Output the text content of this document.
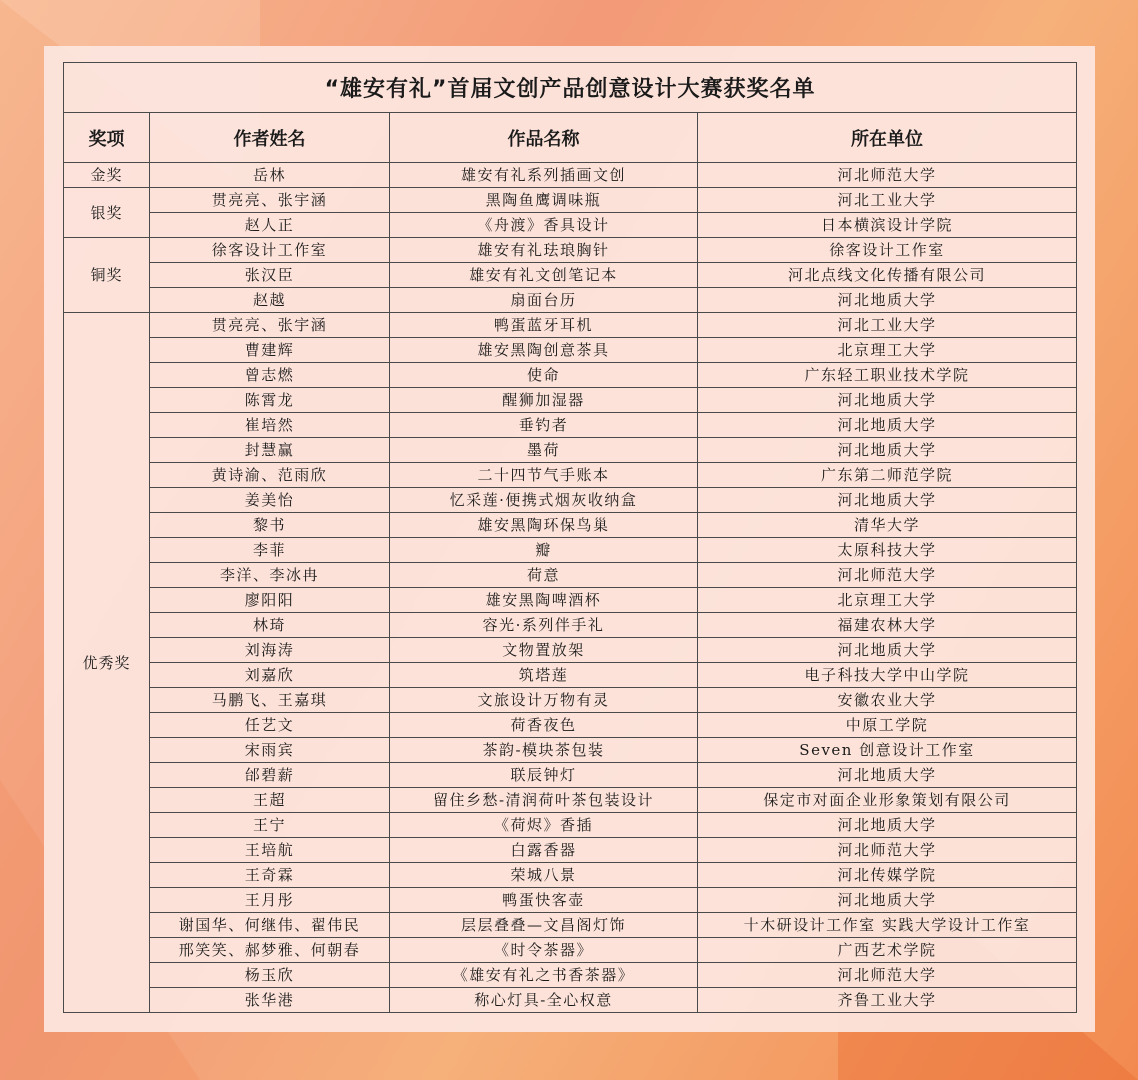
“雄安有礼”首届文创产品创意设计大赛获奖名单			
奖项	作者姓名	作品名称	所在单位
金奖	岳林	雄安有礼系列插画文创	河北师范大学
银奖	贯亮亮、张宇涵	黑陶鱼鹰调味瓶	河北工业大学
	赵人正	《舟渡》香具设计	日本横滨设计学院
铜奖	徐客设计工作室	雄安有礼珐琅胸针	徐客设计工作室
	张汉臣	雄安有礼文创笔记本	河北点线文化传播有限公司
	赵越	扇面台历	河北地质大学
优秀奖	贯亮亮、张宇涵	鸭蛋蓝牙耳机	河北工业大学
	曹建辉	雄安黑陶创意茶具	北京理工大学
	曾志燃	使命	广东轻工职业技术学院
	陈霄龙	醒狮加湿器	河北地质大学
	崔培然	垂钓者	河北地质大学
	封慧赢	墨荷	河北地质大学
	黄诗渝、范雨欣	二十四节气手账本	广东第二师范学院
	姜美怡	忆采莲·便携式烟灰收纳盒	河北地质大学
	黎书	雄安黑陶环保鸟巢	清华大学
	李菲	瓣	太原科技大学
	李洋、李冰冉	荷意	河北师范大学
	廖阳阳	雄安黑陶啤酒杯	北京理工大学
	林琦	容光·系列伴手礼	福建农林大学
	刘海涛	文物置放架	河北地质大学
	刘嘉欣	筑塔莲	电子科技大学中山学院
	马鹏飞、王嘉琪	文旅设计万物有灵	安徽农业大学
	任艺文	荷香夜色	中原工学院
	宋雨宾	茶韵-模块茶包装	Seven 创意设计工作室
	邰碧薪	联辰钟灯	河北地质大学
	王超	留住乡愁-清润荷叶茶包装设计	保定市对面企业形象策划有限公司
	王宁	《荷烬》香插	河北地质大学
	王培航	白露香器	河北师范大学
	王奇霖	荣城八景	河北传媒学院
	王月彤	鸭蛋快客壶	河北地质大学
	谢国华、何继伟、翟伟民	层层叠叠—文昌阁灯饰	十木研设计工作室 实践大学设计工作室
	邢笑笑、郝梦雅、何朝春	《时令茶器》	广西艺术学院
	杨玉欣	《雄安有礼之书香茶器》	河北师范大学
	张华港	称心灯具-全心权意	齐鲁工业大学
